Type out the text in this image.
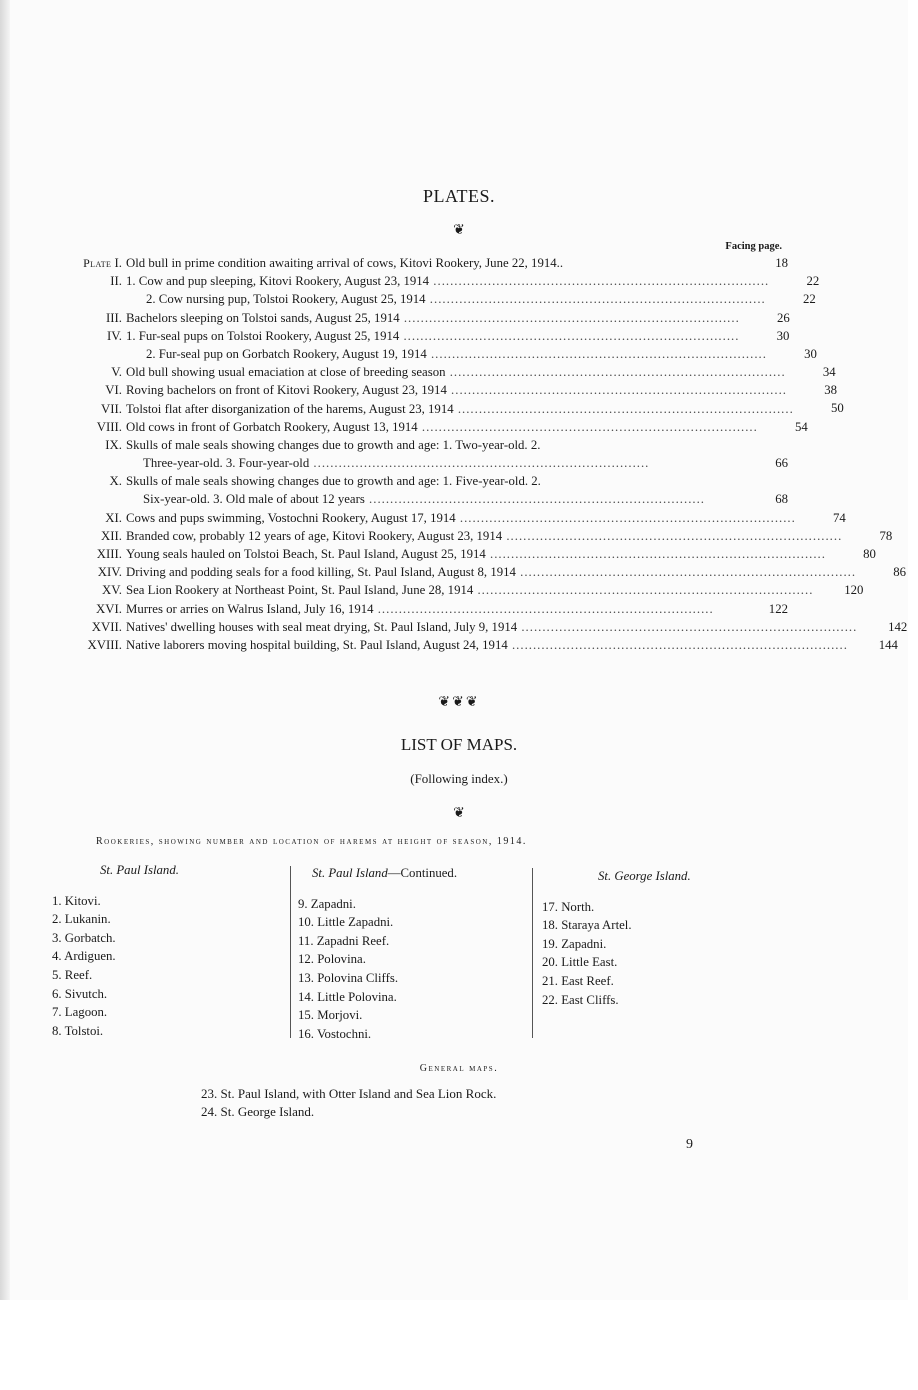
PLATES.
❦
Facing page.
Plate I. Old bull in prime condition awaiting arrival of cows, Kitovi Rookery, June 22, 1914..	18
II. 1. Cow and pup sleeping, Kitovi Rookery, August 23, 1914 ................................................................................	22
2. Cow nursing pup, Tolstoi Rookery, August 25, 1914 ................................................................................	22
III. Bachelors sleeping on Tolstoi sands, August 25, 1914 ................................................................................	26
IV. 1. Fur-seal pups on Tolstoi Rookery, August 25, 1914 ................................................................................	30
2. Fur-seal pup on Gorbatch Rookery, August 19, 1914 ................................................................................	30
V. Old bull showing usual emaciation at close of breeding season ................................................................................	34
VI. Roving bachelors on front of Kitovi Rookery, August 23, 1914 ................................................................................	38
VII. Tolstoi flat after disorganization of the harems, August 23, 1914 ................................................................................	50
VIII. Old cows in front of Gorbatch Rookery, August 13, 1914 ................................................................................	54
IX. Skulls of male seals showing changes due to growth and age: 1. Two-year-old. 2.
Three-year-old. 3. Four-year-old ................................................................................	66
X. Skulls of male seals showing changes due to growth and age: 1. Five-year-old. 2.
Six-year-old. 3. Old male of about 12 years ................................................................................	68
XI. Cows and pups swimming, Vostochni Rookery, August 17, 1914 ................................................................................	74
XII. Branded cow, probably 12 years of age, Kitovi Rookery, August 23, 1914 ................................................................................	78
XIII. Young seals hauled on Tolstoi Beach, St. Paul Island, August 25, 1914 ................................................................................	80
XIV. Driving and podding seals for a food killing, St. Paul Island, August 8, 1914 ................................................................................	86
XV. Sea Lion Rookery at Northeast Point, St. Paul Island, June 28, 1914 ................................................................................	120
XVI. Murres or arries on Walrus Island, July 16, 1914 ................................................................................	122
XVII. Natives' dwelling houses with seal meat drying, St. Paul Island, July 9, 1914 ................................................................................	142
XVIII. Native laborers moving hospital building, St. Paul Island, August 24, 1914 ................................................................................	144
❦❦❦
LIST OF MAPS.
(Following index.)
❦
Rookeries, showing number and location of harems at height of season, 1914.
St. Paul Island.
1. Kitovi.
2. Lukanin.
3. Gorbatch.
4. Ardiguen.
5. Reef.
6. Sivutch.
7. Lagoon.
8. Tolstoi.
St. Paul Island—Continued.
9. Zapadni.
10. Little Zapadni.
11. Zapadni Reef.
12. Polovina.
13. Polovina Cliffs.
14. Little Polovina.
15. Morjovi.
16. Vostochni.
St. George Island.
17. North.
18. Staraya Artel.
19. Zapadni.
20. Little East.
21. East Reef.
22. East Cliffs.
General maps.
23. St. Paul Island, with Otter Island and Sea Lion Rock.
24. St. George Island.
9
